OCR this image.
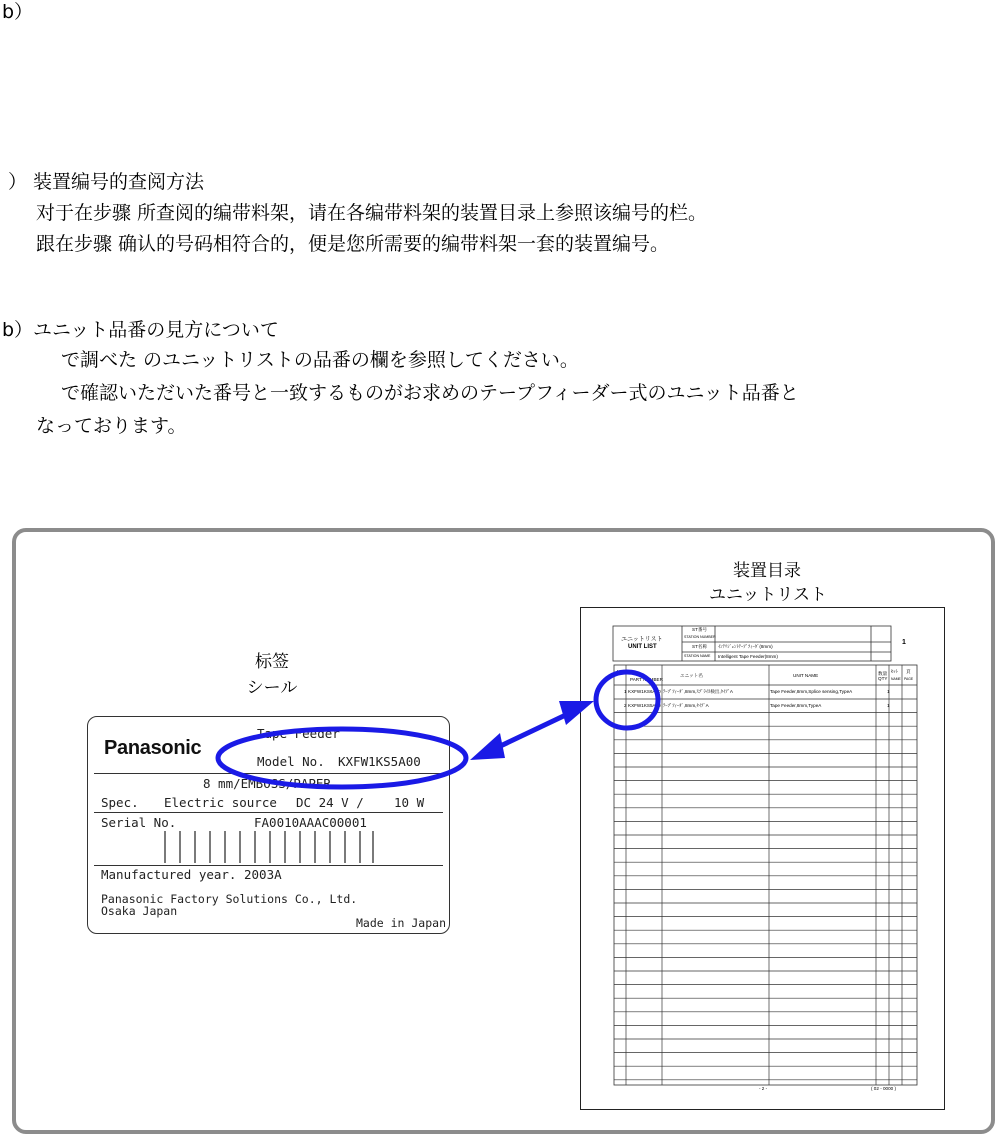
b）
） 装置编号的查阅方法
对于在步骤 所查阅的编带料架，请在各编带料架的装置目录上参照该编号的栏。
跟在步骤 确认的号码相符合的，便是您所需要的编带料架一套的装置编号。
b）ユニット品番の見方について
で調べた のユニットリストの品番の欄を参照してください。
で確認いただいた番号と一致するものがお求めのテープフィーダー式のユニット品番と
なっております。
装置目录
ユニットリスト
标签
シール
Tape Feeder
Panasonic
Model No. KXFW1KS5A00
8 mm/EMBOSS/PAPER
Spec. Electric source DC 24 V / 10 W
Serial No.	FA0010AAAC00001
Manufactured year. 2003A
Panasonic Factory Solutions Co., Ltd.
Osaka Japan
Made in Japan
ユニットリスト
UNIT LIST
ST番号
STATION NUMBER
ST名称
STATION NAME
ｲﾝﾃﾘｼﾞｪﾝﾄﾃｰﾌﾟﾌｨｰﾀﾞ(8mm)
Intelligent Tape Feeder(8mm)
1
NO.
PART NUMBER
ユニット名	UNIT NAME	数量 QTY
ｾｯﾄ
NAME
頁
PAGE
1 KXFW1KS6A00 ﾃｰﾌﾟﾌｨｰﾀﾞ,8mm,ｽﾌﾟﾗｲｽ検出,ﾀｲﾌﾟA	Tape Feeder,8mm,Splice sensing,TypeA	1
2 KXFW1KS5A00 ﾃｰﾌﾟﾌｨｰﾀﾞ,8mm,ﾀｲﾌﾟA	Tape Feeder,8mm,TypeA	1
- 2 -	( 02 - 0000 )
